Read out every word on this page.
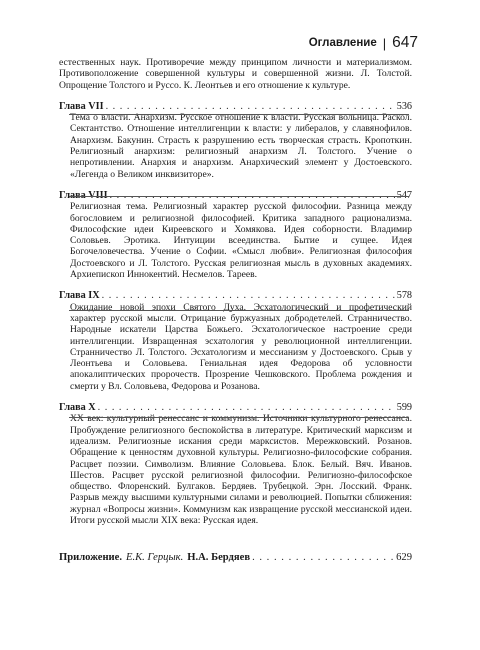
Оглавление | 647
естественных наук. Противоречие между принципом личности и материализмом. Противоположение совершенной культуры и совершенной жизни. Л. Толстой. Опрощение Толстого и Руссо. К. Леонтьев и его отношение к культуре.
Глава VII . . .	536
Тема о власти. Анархизм. Русское отношение к власти. Русская вольница. Раскол. Сектантство. Отношение интеллигенции к власти: у либералов, у славянофилов. Анархизм. Бакунин. Страсть к разрушению есть творческая страсть. Кропоткин. Религиозный анархизм: религиозный анархизм Л. Толстого. Учение о непротивлении. Анархия и анархизм. Анархический элемент у Достоевского. «Легенда о Великом инквизиторе».
Глава VIII . . .	547
Религиозная тема. Религиозный характер русской философии. Разница между богословием и религиозной философией. Критика западного рационализма. Философские идеи Киреевского и Хомякова. Идея соборности. Владимир Соловьев. Эротика. Интуиции всеединства. Бытие и сущее. Идея Богочеловечества. Учение о Софии. «Смысл любви». Религиозная философия Достоевского и Л. Толстого. Русская религиозная мысль в духовных академиях. Архиепископ Иннокентий. Несмелов. Тареев.
Глава IX . . .	578
Ожидание новой эпохи Святого Духа. Эсхатологический и профетический характер русской мысли. Отрицание буржуазных добродетелей. Странничество. Народные искатели Царства Божьего. Эсхатологическое настроение среди интеллигенции. Извращенная эсхатология у революционной интеллигенции. Странничество Л. Толстого. Эсхатологизм и мессианизм у Достоевского. Срыв у Леонтьева и Соловьева. Гениальная идея Федорова об условности апокалиптических пророчеств. Прозрение Чешковского. Проблема рождения и смерти у Вл. Соловьева, Федорова и Розанова.
Глава X . . .	599
XX век: культурный ренессанс и коммунизм. Источники культурного ренессанса. Пробуждение религиозного беспокойства в литературе. Критический марксизм и идеализм. Религиозные искания среди марксистов. Мережковский. Розанов. Обращение к ценностям духовной культуры. Религиозно-философские собрания. Расцвет поэзии. Символизм. Влияние Соловьева. Блок. Белый. Вяч. Иванов. Шестов. Расцвет русской религиозной философии. Религиозно-философское общество. Флоренский. Булгаков. Бердяев. Трубецкой. Эрн. Лосский. Франк. Разрыв между высшими культурными силами и революцией. Попытки сближения: журнал «Вопросы жизни». Коммунизм как извращение русской мессианской идеи. Итоги русской мысли XIX века: Русская идея.
Приложение. Е.К. Герцык. Н.А. Бердяев . . .	629
